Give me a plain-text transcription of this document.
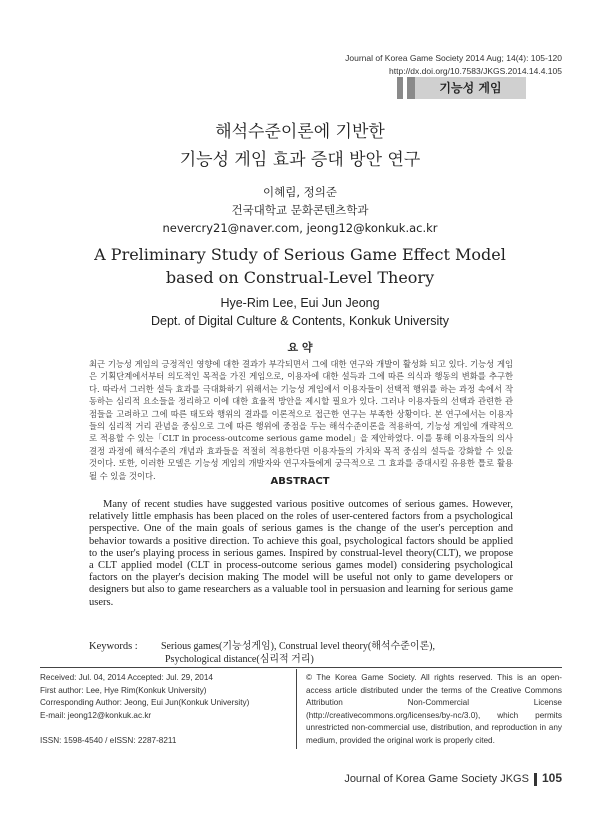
Journal of Korea Game Society 2014 Aug; 14(4): 105-120
http://dx.doi.org/10.7583/JKGS.2014.14.4.105
기능성 게임
해석수준이론에 기반한
기능성 게임 효과 증대 방안 연구
이혜림, 정의준
건국대학교 문화콘텐츠학과
nevercry21@naver.com, jeong12@konkuk.ac.kr
A Preliminary Study of Serious Game Effect Model
based on Construal-Level Theory
Hye-Rim Lee, Eui Jun Jeong
Dept. of Digital Culture & Contents, Konkuk University
요 약

최근 기능성 게임의 긍정적인 영향에 대한 결과가 부각되면서 그에 대한 연구와 개발이 활성화 되고 있다. 기능성 게임은 기획단계에서부터 의도적인 목적을 가진 게임으로, 이용자에 대한 설득과 그에 따른 의식과 행동의 변화를 추구한다. 따라서 그러한 설득 효과를 극대화하기 위해서는 기능성 게임에서 이용자들이 선택적 행위를 하는 과정 속에서 작동하는 심리적 요소들을 정리하고 이에 대한 효율적 방안을 제시할 필요가 있다. 그러나 이용자들의 선택과 관련한 관점들을 고려하고 그에 따른 태도와 행위의 결과를 이론적으로 접근한 연구는 부족한 상황이다. 본 연구에서는 이용자들의 심리적 거리 관념을 중심으로 그에 따른 행위에 중점을 두는 해석수준이론을 적용하여, 기능성 게임에 개략적으로 적용할 수 있는「CLT in process-outcome serious game model」을 제안하였다. 이를 통해 이용자들의 의사결정 과정에 해석수준의 개념과 효과들을 적절히 적용한다면 이용자들의 가치와 목적 중심의 설득을 강화할 수 있을 것이다. 또한, 이러한 모델은 기능성 게임의 개발자와 연구자들에게 궁극적으로 그 효과를 증대시킬 유용한 틀로 활용될 수 있을 것이다.

ABSTRACT

Many of recent studies have suggested various positive outcomes of serious games. However, relatively little emphasis has been placed on the roles of user-centered factors from a psychological perspective. One of the main goals of serious games is the change of the user's perception and behavior towards a positive direction. To achieve this goal, psychological factors should be applied to the user's playing process in serious games. Inspired by construal-level theory(CLT), we propose a CLT applied model (CLT in process-outcome serious games model) considering psychological factors on the player's decision making The model will be useful not only to game developers or designers but also to game researchers as a valuable tool in persuasion and learning for serious game users.

Keywords : Serious games(기능성게임), Construal level theory(해석수준이론),
Psychological distance(심리적 거리)
Received: Jul. 04, 2014 Accepted: Jul. 29, 2014
First author: Lee, Hye Rim(Konkuk University)
Corresponding Author: Jeong, Eui Jun(Konkuk University)
E-mail: jeong12@konkuk.ac.kr

ISSN: 1598-4540 / eISSN: 2287-8211
© The Korea Game Society. All rights reserved. This is an open-access article distributed under the terms of the Creative Commons Attribution Non-Commercial License (http://creativecommons.org/licenses/by-nc/3.0), which permits unrestricted non-commercial use, distribution, and reproduction in any medium, provided the original work is properly cited.
Journal of Korea Game Society JKGS 105
